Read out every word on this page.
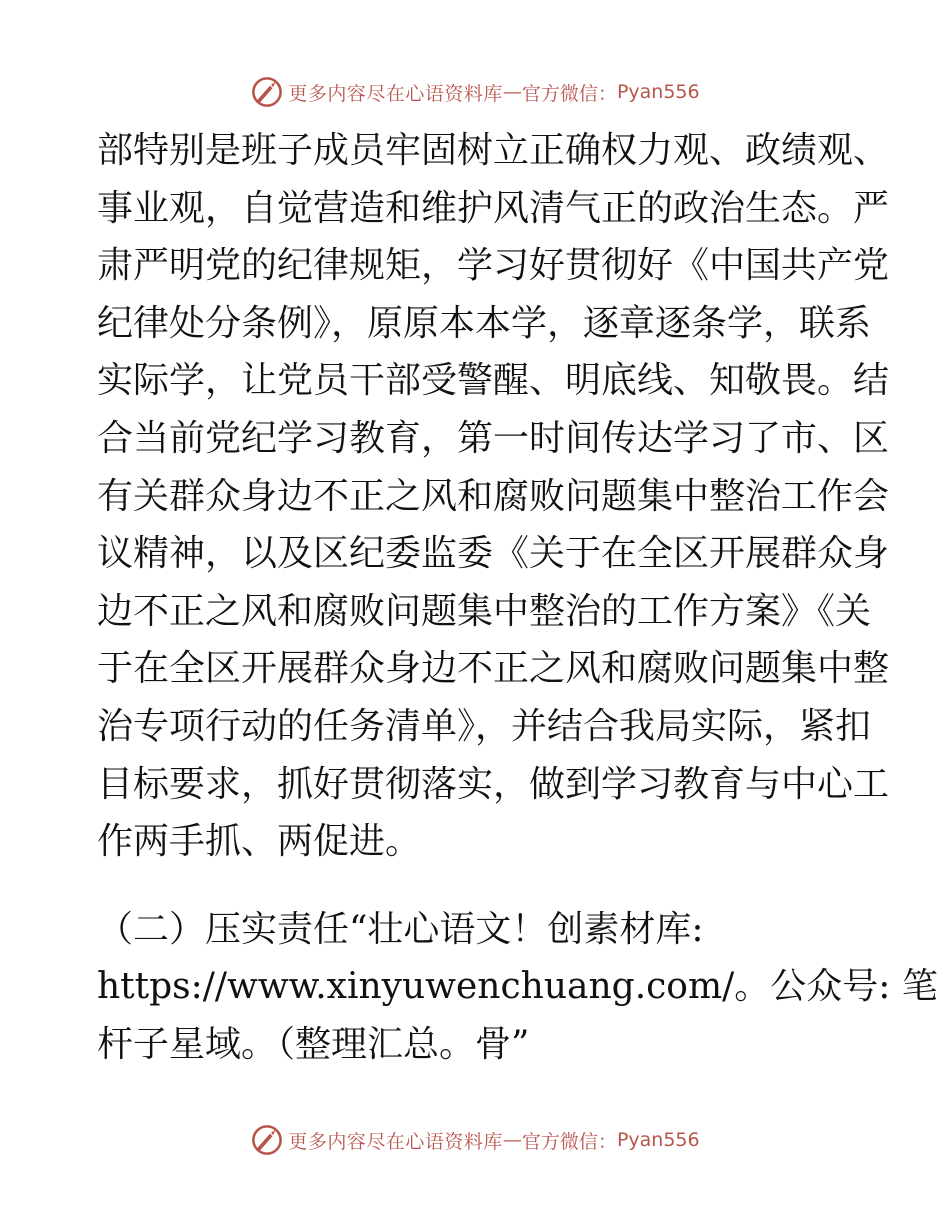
更多内容尽在心语资料库 — 官方微信： Pyan556
部特别是班子成员牢固树立正确权力观、政绩观、
事业观，自觉营造和维护风清气正的政治生态。严
肃严明党的纪律规矩，学习好贯彻好《中国共产党
纪律处分条例》，原原本本学，逐章逐条学，联系
实际学，让党员干部受警醒、明底线、知敬畏。结
合当前党纪学习教育，第一时间传达学习了市、区
有关群众身边不正之风和腐败问题集中整治工作会
议精神，以及区纪委监委《关于在全区开展群众身
边不正之风和腐败问题集中整治的工作方案》《关
于在全区开展群众身边不正之风和腐败问题集中整
治专项行动的任务清单》，并结合我局实际，紧扣
目标要求，抓好贯彻落实，做到学习教育与中心工
作两手抓、两促进。
（二）压实责任“壮心语文！创素材库:
https://www.xinyuwenchuang.com/。公众号: 笔
杆子星域。（整理汇总。骨”
更多内容尽在心语资料库 — 官方微信： Pyan556
